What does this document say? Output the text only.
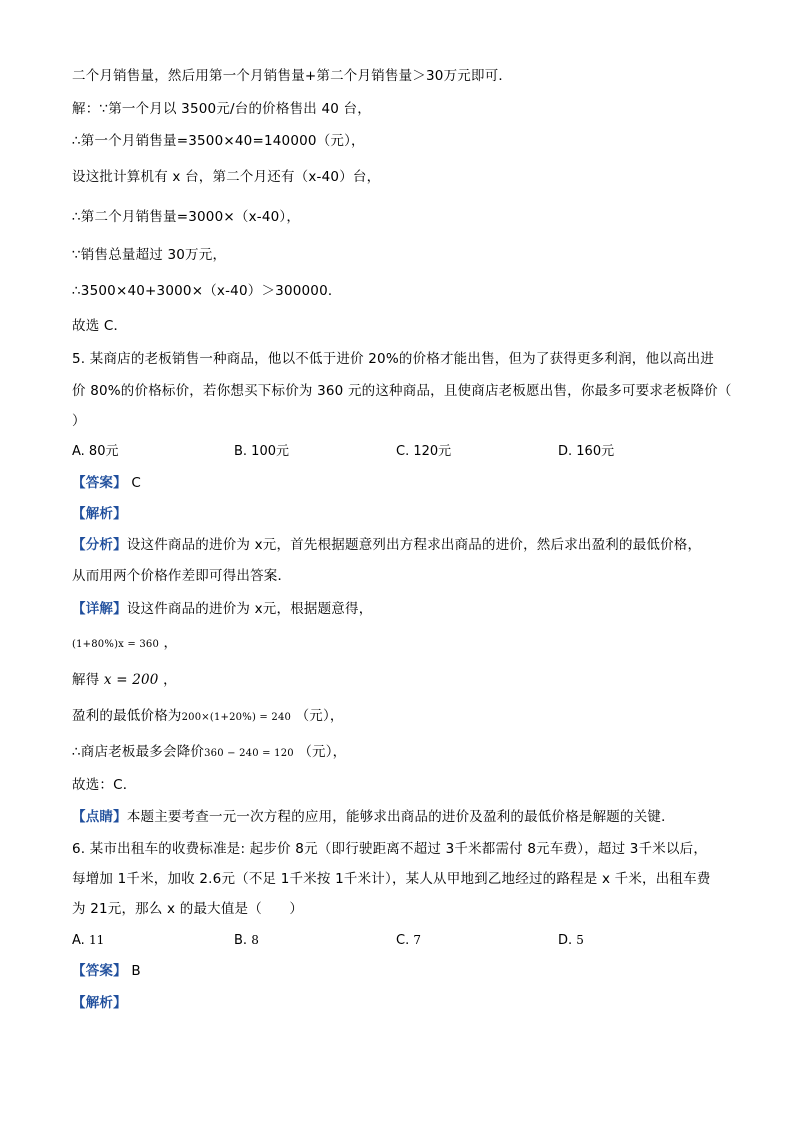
二个月销售量，然后用第一个月销售量+第二个月销售量＞30万元即可．
解：∵第一个月以 3500元/台的价格售出 40 台，
∴第一个月销售量=3500×40=140000（元），
设这批计算机有 x 台，第二个月还有（x-40）台，
∴第二个月销售量=3000×（x-40），
∵销售总量超过 30万元，
∴3500×40+3000×（x-40）＞300000．
故选 C．
5. 某商店的老板销售一种商品，他以不低于进价 20%的价格才能出售，但为了获得更多利润，他以高出进
价 80%的价格标价，若你想买下标价为 360 元的这种商品，且使商店老板愿出售，你最多可要求老板降价（
）
A. 80元	B. 100元	C. 120元	D. 160元
【答案】 C
【解析】
【分析】设这件商品的进价为 x元，首先根据题意列出方程求出商品的进价，然后求出盈利的最低价格，
从而用两个价格作差即可得出答案．
【详解】设这件商品的进价为 x元，根据题意得，
(1+80%)x = 360 ，
解得 x = 200 ，
盈利的最低价格为200×(1+20%) = 240 （元），
∴商店老板最多会降价360 − 240 = 120 （元），
故选：C．
【点睛】本题主要考查一元一次方程的应用，能够求出商品的进价及盈利的最低价格是解题的关键．
6. 某市出租车的收费标准是: 起步价 8元（即行驶距离不超过 3千米都需付 8元车费），超过 3千米以后，
每增加 1千米，加收 2.6元（不足 1千米按 1千米计），某人从甲地到乙地经过的路程是 x 千米，出租车费
为 21元，那么 x 的最大值是（　　）
A. 11	B. 8	C. 7	D. 5
【答案】 B
【解析】
